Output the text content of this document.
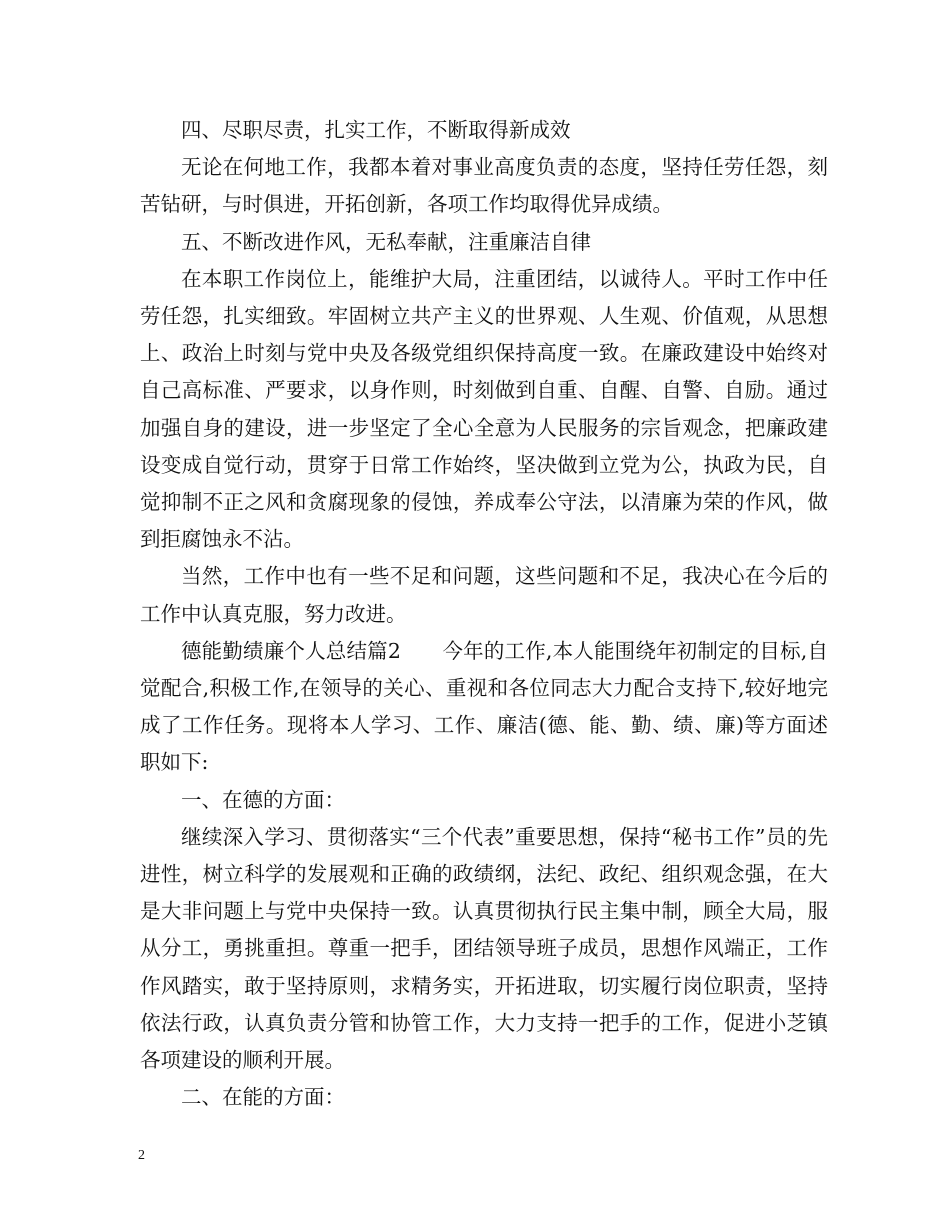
四、尽职尽责，扎实工作，不断取得新成效

无论在何地工作，我都本着对事业高度负责的态度，坚持任劳任怨，刻苦钻研，与时俱进，开拓创新，各项工作均取得优异成绩。

五、不断改进作风，无私奉献，注重廉洁自律

在本职工作岗位上，能维护大局，注重团结，以诚待人。平时工作中任劳任怨，扎实细致。牢固树立共产主义的世界观、人生观、价值观，从思想上、政治上时刻与党中央及各级党组织保持高度一致。在廉政建设中始终对自己高标准、严要求，以身作则，时刻做到自重、自醒、自警、自励。通过加强自身的建设，进一步坚定了全心全意为人民服务的宗旨观念，把廉政建设变成自觉行动，贯穿于日常工作始终，坚决做到立党为公，执政为民，自觉抑制不正之风和贪腐现象的侵蚀，养成奉公守法，以清廉为荣的作风，做到拒腐蚀永不沾。

当然，工作中也有一些不足和问题，这些问题和不足，我决心在今后的工作中认真克服，努力改进。

德能勤绩廉个人总结篇2　　今年的工作,本人能围绕年初制定的目标,自觉配合,积极工作,在领导的关心、重视和各位同志大力配合支持下,较好地完成了工作任务。现将本人学习、工作、廉洁(德、能、勤、绩、廉)等方面述职如下:

一、在德的方面：

继续深入学习、贯彻落实“三个代表”重要思想，保持“秘书工作”员的先进性，树立科学的发展观和正确的政绩纲，法纪、政纪、组织观念强，在大是大非问题上与党中央保持一致。认真贯彻执行民主集中制，顾全大局，服从分工，勇挑重担。尊重一把手，团结领导班子成员，思想作风端正，工作作风踏实，敢于坚持原则，求精务实，开拓进取，切实履行岗位职责，坚持依法行政，认真负责分管和协管工作，大力支持一把手的工作，促进小芝镇各项建设的顺利开展。

二、在能的方面：

2
